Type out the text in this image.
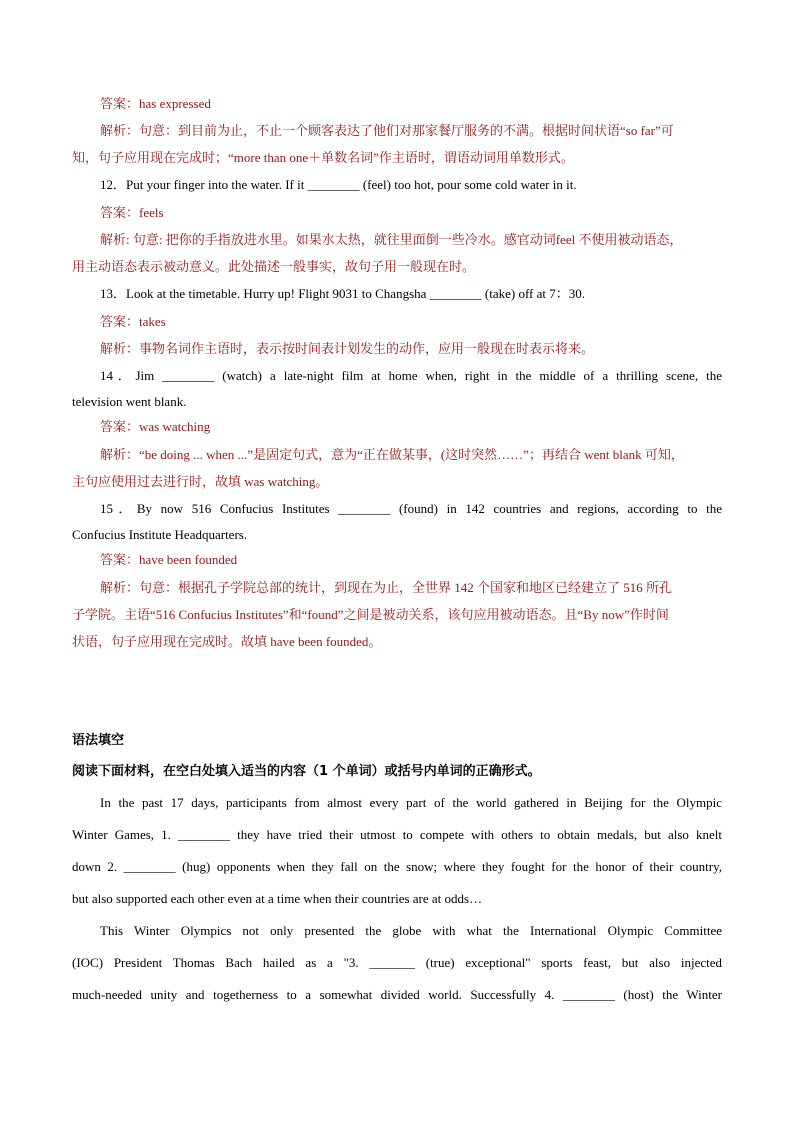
答案：has expressed
解析：句意：到目前为止，不止一个顾客表达了他们对那家餐厅服务的不满。根据时间状语“so far”可
知，句子应用现在完成时；“more than one＋单数名词”作主语时，谓语动词用单数形式。
12．Put your finger into the water. If it ________ (feel) too hot, pour some cold water in it.
答案：feels
解析: 句意: 把你的手指放进水里。如果水太热，就往里面倒一些冷水。感官动词feel 不使用被动语态，
用主动语态表示被动意义。此处描述一般事实，故句子用一般现在时。
13．Look at the timetable. Hurry up! Flight 9031 to Changsha ________ (take) off at 7：30.
答案：takes
解析：事物名词作主语时，表示按时间表计划发生的动作，应用一般现在时表示将来。
14．Jim ________ (watch) a late-night film at home when, right in the middle of a thrilling scene, the
television went blank.
答案：was watching
解析：“be doing ... when ...”是固定句式，意为“正在做某事，(这时突然……”；再结合 went blank 可知，
主句应使用过去进行时，故填 was watching。
15．By now 516 Confucius Institutes ________ (found) in 142 countries and regions, according to the
Confucius Institute Headquarters.
答案：have been founded
解析：句意：根据孔子学院总部的统计，到现在为止，全世界 142 个国家和地区已经建立了 516 所孔
子学院。主语“516 Confucius Institutes”和“found”之间是被动关系，该句应用被动语态。且“By now”作时间
状语，句子应用现在完成时。故填 have been founded。
语法填空
阅读下面材料，在空白处填入适当的内容（1 个单词）或括号内单词的正确形式。
In the past 17 days, participants from almost every part of the world gathered in Beijing for the Olympic
Winter Games, 1. ________ they have tried their utmost to compete with others to obtain medals, but also knelt
down 2. ________ (hug) opponents when they fall on the snow; where they fought for the honor of their country,
but also supported each other even at a time when their countries are at odds…
This Winter Olympics not only presented the globe with what the International Olympic Committee
(IOC) President Thomas Bach hailed as a "3. _______ (true) exceptional" sports feast, but also injected
much-needed unity and togetherness to a somewhat divided world. Successfully 4. ________ (host) the Winter
